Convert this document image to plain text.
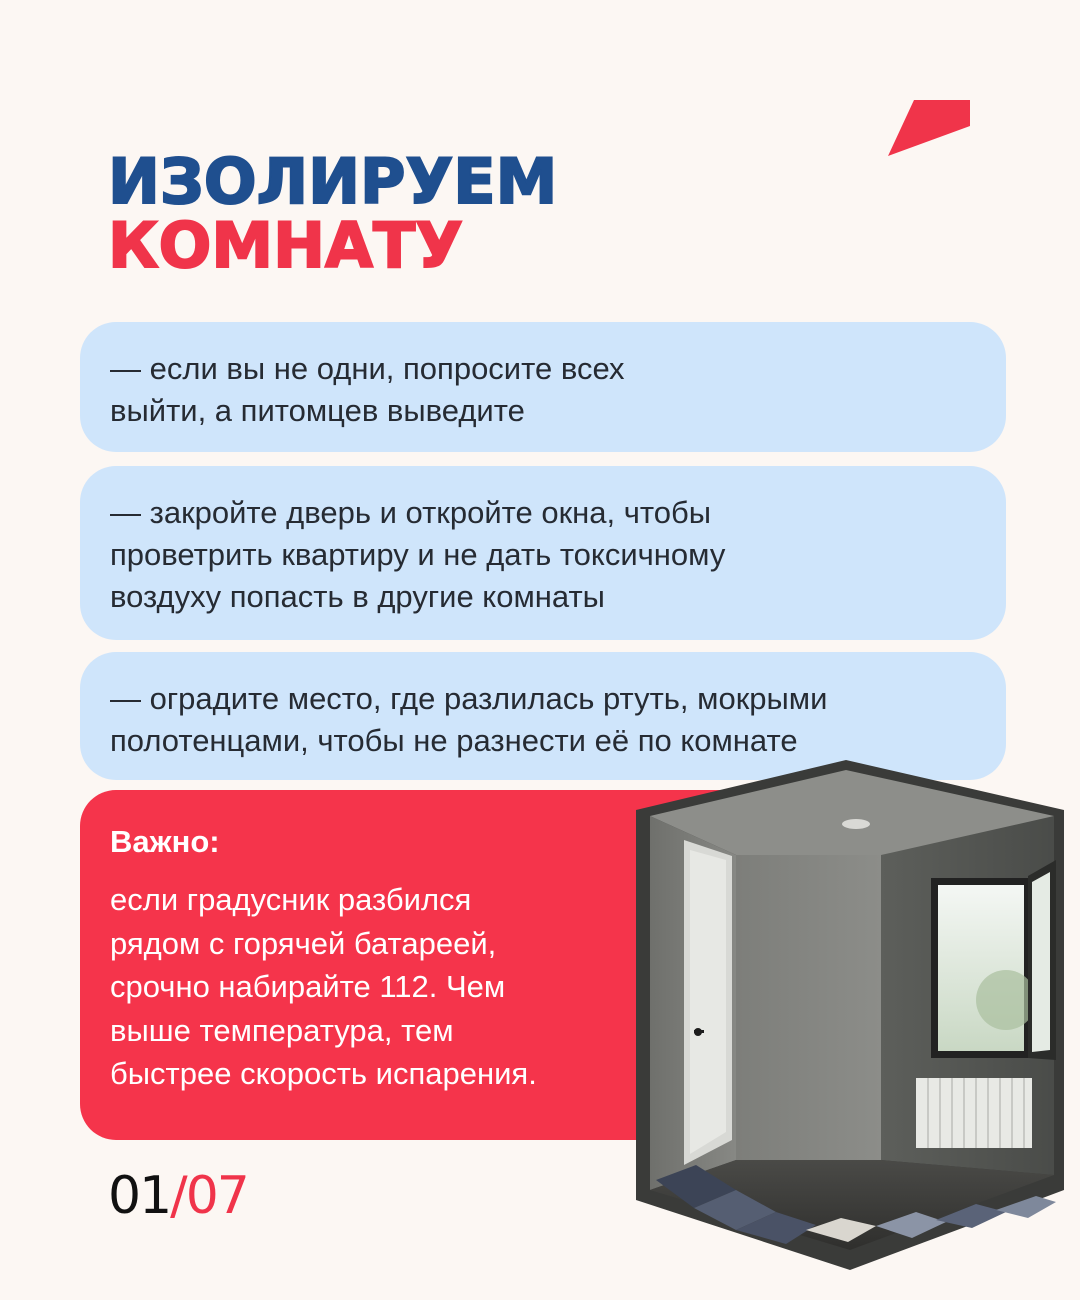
ИЗОЛИРУЕМ
КОМНАТУ
— если вы не одни, попросите всех
выйти, а питомцев выведите
— закройте дверь и откройте окна, чтобы
проветрить квартиру и не дать токсичному
воздуху попасть в другие комнаты
— оградите место, где разлилась ртуть, мокрыми
полотенцами, чтобы не разнести её по комнате
Важно:
если градусник разбился
рядом с горячей батареей,
срочно набирайте 112. Чем
выше температура, тем
быстрее скорость испарения.
01/07
